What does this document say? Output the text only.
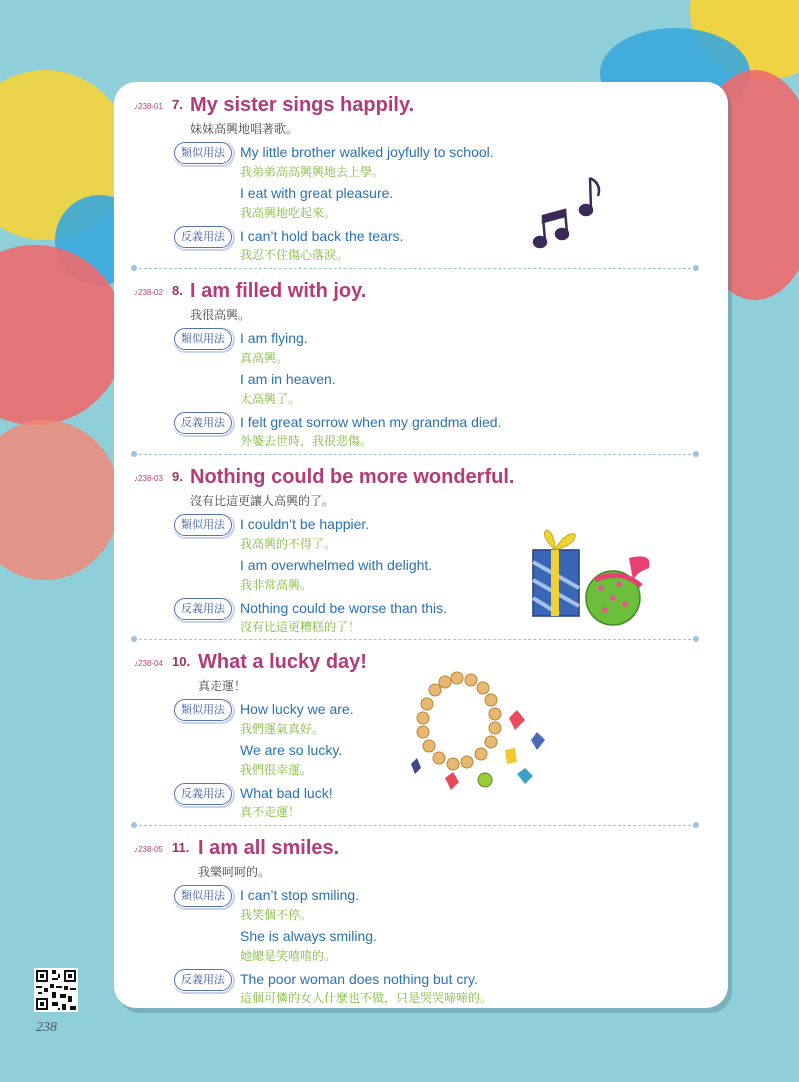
♪238-01 7. My sister sings happily.
妹妹高興地唱著歌。
類似用法	My little brother walked joyfully to school.
我弟弟高高興興地去上學。
I eat with great pleasure.
我高興地吃起來。
反義用法	I can’t hold back the tears.
我忍不住傷心落淚。
♪238-02 8. I am filled with joy.
我很高興。
類似用法	I am flying.
真高興。
I am in heaven.
太高興了。
反義用法	I felt great sorrow when my grandma died.
外婆去世時，我很悲傷。
♪238-03 9. Nothing could be more wonderful.
沒有比這更讓人高興的了。
類似用法	I couldn’t be happier.
我高興的不得了。
I am overwhelmed with delight.
我非常高興。
反義用法	Nothing could be worse than this.
沒有比這更糟糕的了！
♪238-04 10. What a lucky day!
真走運！
類似用法	How lucky we are.
我們運氣真好。
We are so lucky.
我們很幸運。
反義用法	What bad luck!
真不走運！
♪238-05 11. I am all smiles.
我樂呵呵的。
類似用法	I can’t stop smiling.
我笑個不停。
She is always smiling.
她總是笑嘻嘻的。
反義用法	The poor woman does nothing but cry.
這個可憐的女人什麼也不做，只是哭哭啼啼的。
238
